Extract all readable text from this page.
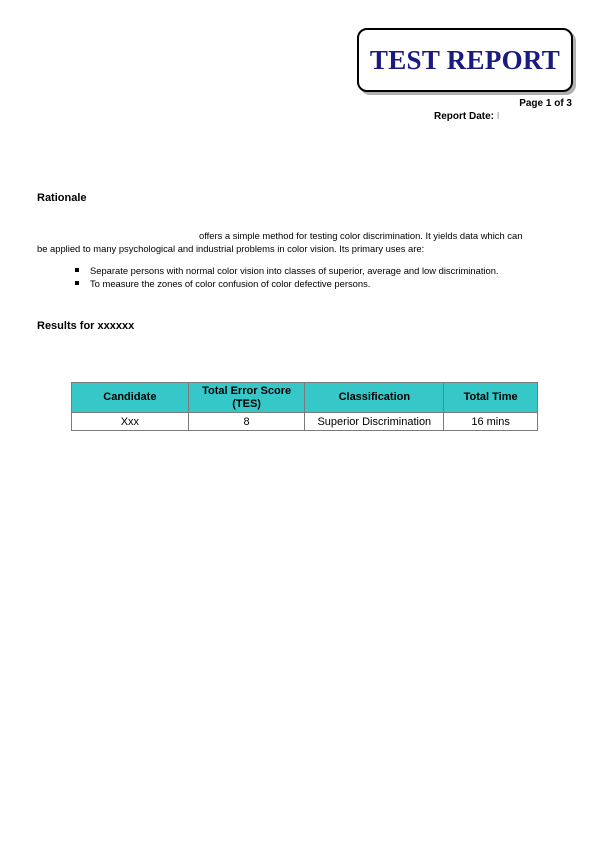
TEST REPORT
Page 1 of 3
Report Date: I
Rationale
offers a simple method for testing color discrimination. It yields data which can
be applied to many psychological and industrial problems in color vision. Its primary uses are:
Separate persons with normal color vision into classes of superior, average and low discrimination.
To measure the zones of color confusion of color defective persons.
Results for xxxxxx
Candidate	Total Error Score (TES)	Classification	Total Time
Xxx	8	Superior Discrimination	16 mins
